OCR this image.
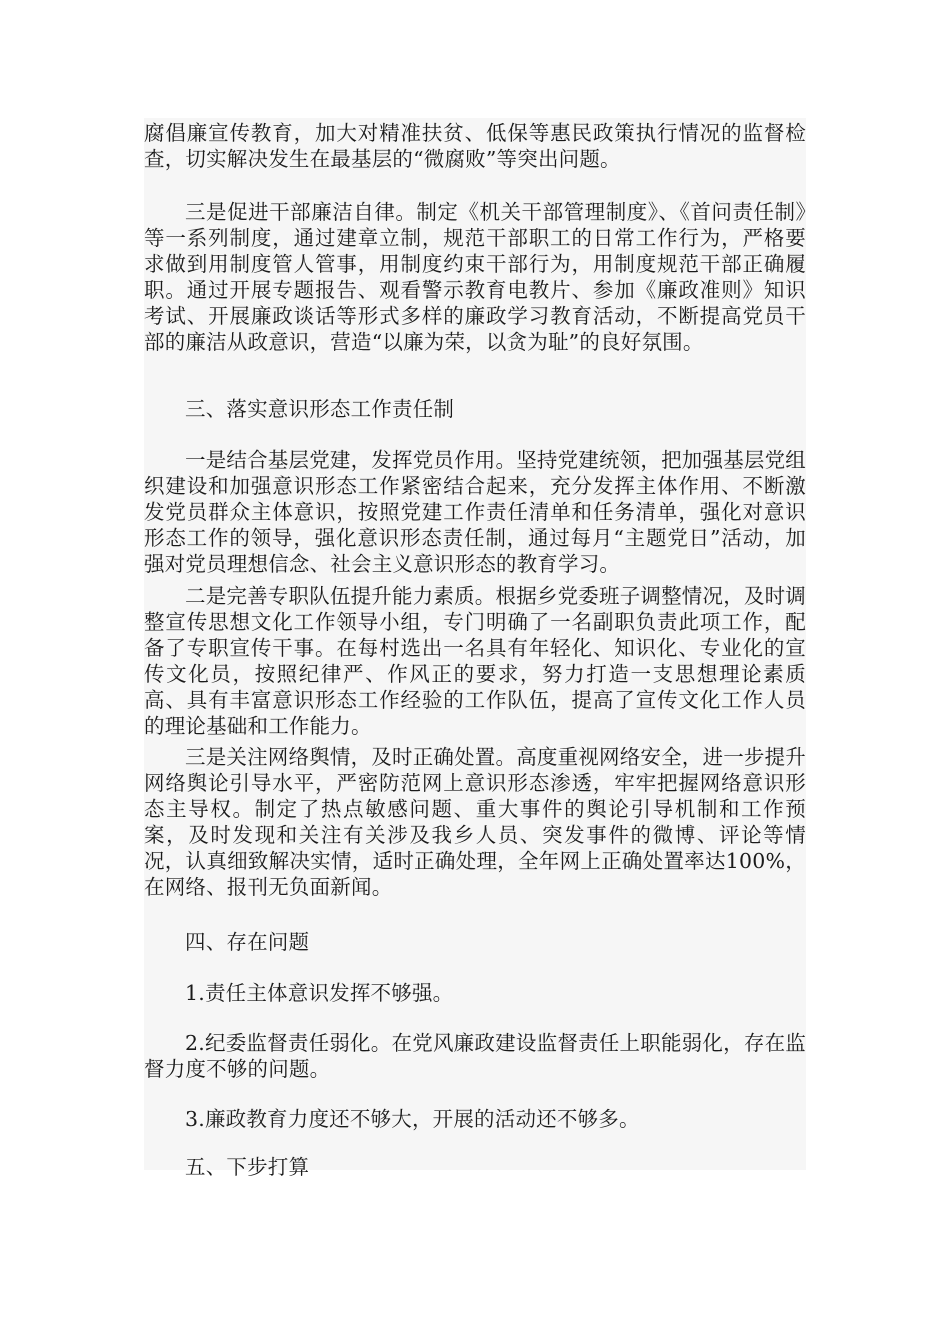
腐倡廉宣传教育，加大对精准扶贫、低保等惠民政策执行情况的监督检查，切实解决发生在最基层的“微腐败”等突出问题。

三是促进干部廉洁自律。制定《机关干部管理制度》、《首问责任制》等一系列制度，通过建章立制，规范干部职工的日常工作行为，严格要求做到用制度管人管事，用制度约束干部行为，用制度规范干部正确履职。通过开展专题报告、观看警示教育电教片、参加《廉政准则》知识考试、开展廉政谈话等形式多样的廉政学习教育活动，不断提高党员干部的廉洁从政意识，营造“以廉为荣，以贪为耻”的良好氛围。

三、落实意识形态工作责任制

一是结合基层党建，发挥党员作用。坚持党建统领，把加强基层党组织建设和加强意识形态工作紧密结合起来，充分发挥主体作用、不断激发党员群众主体意识，按照党建工作责任清单和任务清单，强化对意识形态工作的领导，强化意识形态责任制，通过每月“主题党日”活动，加强对党员理想信念、社会主义意识形态的教育学习。

二是完善专职队伍提升能力素质。根据乡党委班子调整情况，及时调整宣传思想文化工作领导小组，专门明确了一名副职负责此项工作，配备了专职宣传干事。在每村选出一名具有年轻化、知识化、专业化的宣传文化员，按照纪律严、作风正的要求，努力打造一支思想理论素质高、具有丰富意识形态工作经验的工作队伍，提高了宣传文化工作人员的理论基础和工作能力。

三是关注网络舆情，及时正确处置。高度重视网络安全，进一步提升网络舆论引导水平，严密防范网上意识形态渗透，牢牢把握网络意识形态主导权。制定了热点敏感问题、重大事件的舆论引导机制和工作预案，及时发现和关注有关涉及我乡人员、突发事件的微博、评论等情况，认真细致解决实情，适时正确处理，全年网上正确处置率达100%，在网络、报刊无负面新闻。

四、存在问题

1.责任主体意识发挥不够强。

2.纪委监督责任弱化。在党风廉政建设监督责任上职能弱化，存在监督力度不够的问题。

3.廉政教育力度还不够大，开展的活动还不够多。

五、下步打算
